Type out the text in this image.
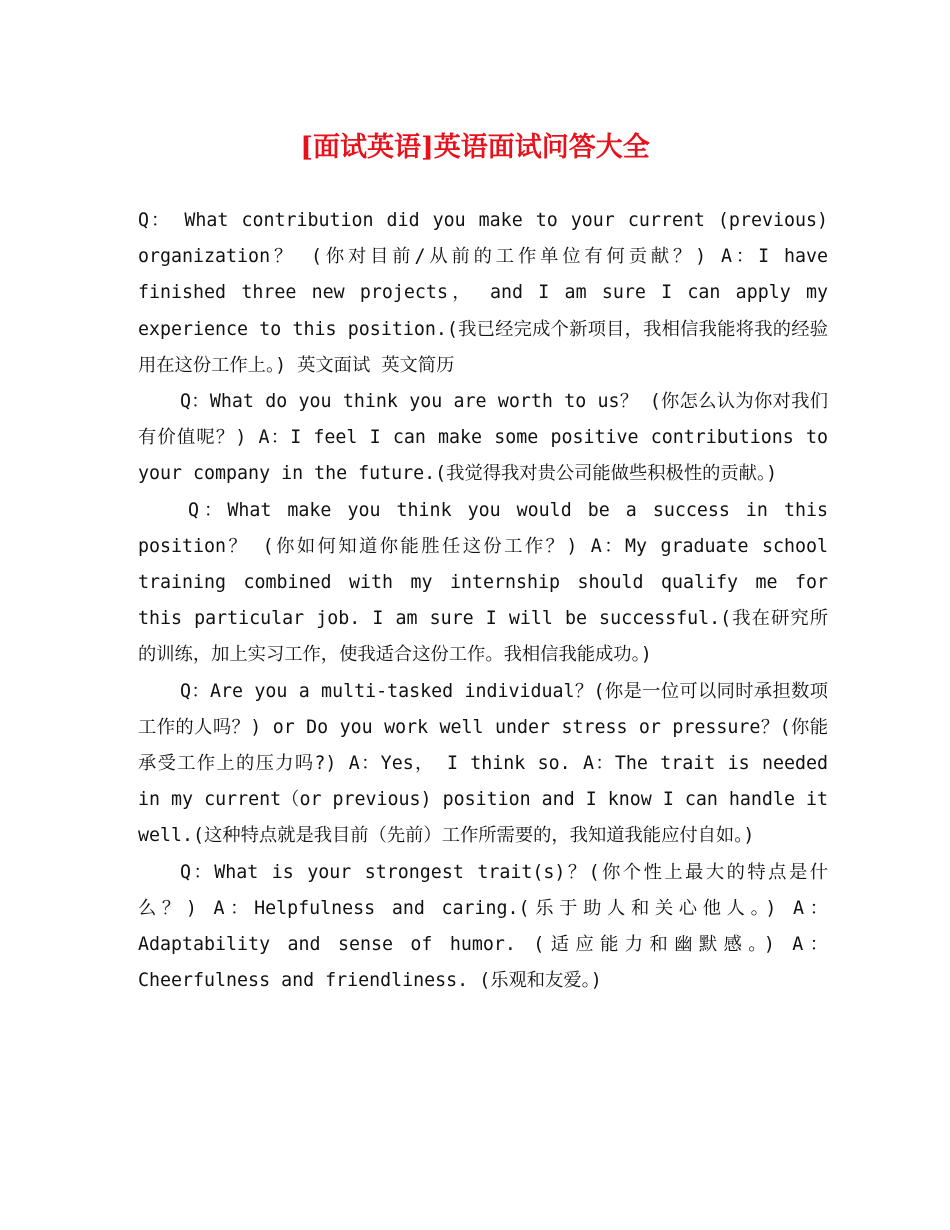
[面试英语]英语面试问答大全

Q： What contribution did you make to your current (previous) organization？ (你对目前/从前的工作单位有何贡献？) A：I have finished three new projects， and I am sure I can apply my experience to this position.(我已经完成个新项目，我相信我能将我的经验用在这份工作上。) 英文面试 英文简历

Q：What do you think you are worth to us？ (你怎么认为你对我们有价值呢？) A：I feel I can make some positive contributions to your company in the future.(我觉得我对贵公司能做些积极性的贡献。)

Q：What make you think you would be a success in this position？ (你如何知道你能胜任这份工作？) A：My graduate school training combined with my internship should qualify me for this particular job. I am sure I will be successful.(我在研究所的训练，加上实习工作，使我适合这份工作。我相信我能成功。)

Q：Are you a multi-tasked individual？(你是一位可以同时承担数项工作的人吗？) or Do you work well under stress or pressure？(你能承受工作上的压力吗?) A：Yes， I think so. A：The trait is needed in my current（or previous) position and I know I can handle it well.(这种特点就是我目前（先前）工作所需要的，我知道我能应付自如。)

Q：What is your strongest trait(s)？(你个性上最大的特点是什么？) A：Helpfulness and caring.(乐于助人和关心他人。) A：Adaptability and sense of humor. (适应能力和幽默感。) A：Cheerfulness and friendliness. (乐观和友爱。)
